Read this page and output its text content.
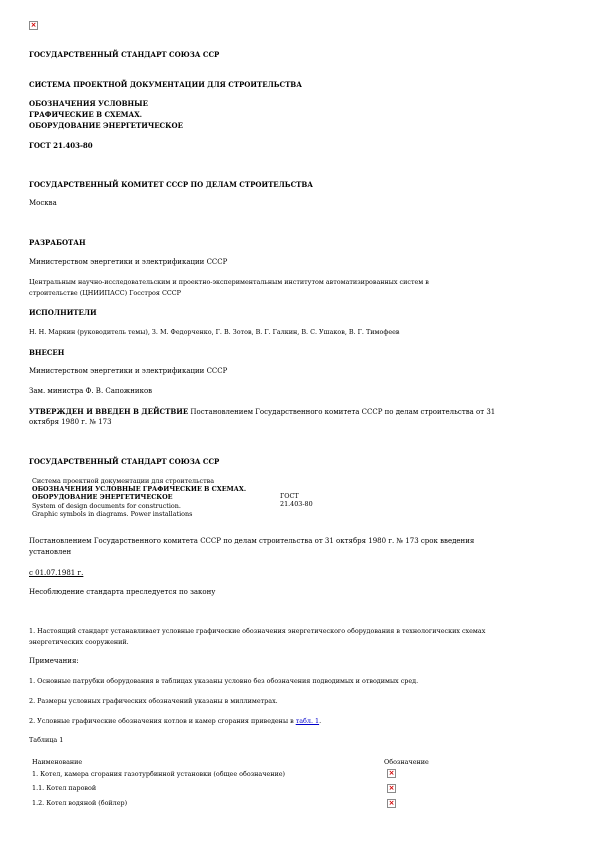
×
ГОСУДАРСТВЕННЫЙ СТАНДАРТ СОЮЗА ССР
СИСТЕМА ПРОЕКТНОЙ ДОКУМЕНТАЦИИ ДЛЯ СТРОИТЕЛЬСТВА
ОБОЗНАЧЕНИЯ УСЛОВНЫЕ
ГРАФИЧЕСКИЕ В СХЕМАХ.
ОБОРУДОВАНИЕ ЭНЕРГЕТИЧЕСКОЕ
ГОСТ 21.403-80
ГОСУДАРСТВЕННЫЙ КОМИТЕТ СССР ПО ДЕЛАМ СТРОИТЕЛЬСТВА
Москва
РАЗРАБОТАН
Министерством энергетики и электрификации СССР
Центральным научно-исследовательским и проектно-экспериментальным институтом автоматизированных систем в
строительстве (ЦНИИПАСС) Госстроя СССР
ИСПОЛНИТЕЛИ
Н. Н. Маркин (руководитель темы), З. М. Федорченко, Г. В. Зотов, В. Г. Галкин, В. С. Ушаков, В. Г. Тимофеев
ВНЕСЕН
Министерством энергетики и электрификации СССР
Зам. министра Ф. В. Сапожников
УТВЕРЖДЕН И ВВЕДЕН В ДЕЙСТВИЕ Постановлением Государственного комитета СССР по делам строительства от 31
октября 1980 г. № 173
ГОСУДАРСТВЕННЫЙ СТАНДАРТ СОЮЗА ССР
Система проектной документации для строительства
ОБОЗНАЧЕНИЯ УСЛОВНЫЕ ГРАФИЧЕСКИЕ В СХЕМАХ.
ОБОРУДОВАНИЕ ЭНЕРГЕТИЧЕСКОЕ
System of design documents for construction.
Graphic symbols in diagrams. Power installations
ГОСТ
21.403-80
Постановлением Государственного комитета СССР по делам строительства от 31 октября 1980 г. № 173 срок введения
установлен
с 01.07.1981 г.
Несоблюдение стандарта преследуется по закону
1. Настоящий стандарт устанавливает условные графические обозначения энергетического оборудования в технологических схемах
энергетических сооружений.
Примечания:
1. Основные патрубки оборудования в таблицах указаны условно без обозначения подводимых и отводимых сред.
2. Размеры условных графических обозначений указаны в миллиметрах.
2. Условные графические обозначения котлов и камер сгорания приведены в табл. 1.
Таблица 1
Наименование	Обозначение
1. Котел, камера сгорания газотурбинной установки (общее обозначение)	×
1.1. Котел паровой	×
1.2. Котел водяной (бойлер)	×
